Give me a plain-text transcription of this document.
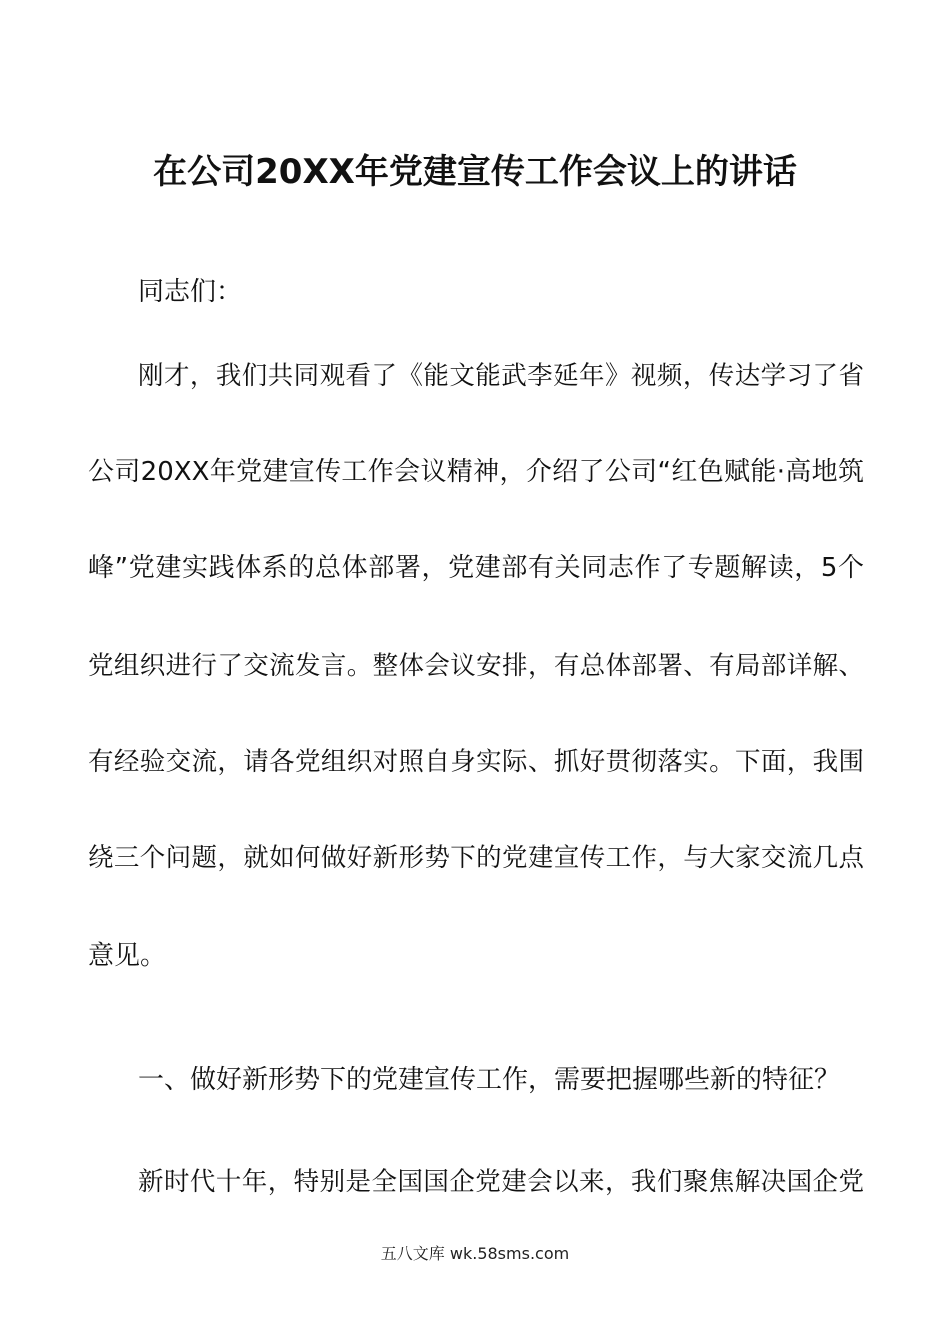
在公司20XX年党建宣传工作会议上的讲话
同志们：
刚才，我们共同观看了《能文能武李延年》视频，传达学习了省
公司20XX年党建宣传工作会议精神，介绍了公司“红色赋能·高地筑
峰”党建实践体系的总体部署，党建部有关同志作了专题解读，5个
党组织进行了交流发言。整体会议安排，有总体部署、有局部详解、
有经验交流，请各党组织对照自身实际、抓好贯彻落实。下面，我围
绕三个问题，就如何做好新形势下的党建宣传工作，与大家交流几点
意见。
一、做好新形势下的党建宣传工作，需要把握哪些新的特征？
新时代十年，特别是全国国企党建会以来，我们聚焦解决国企党
五八文库 wk.58sms.com
